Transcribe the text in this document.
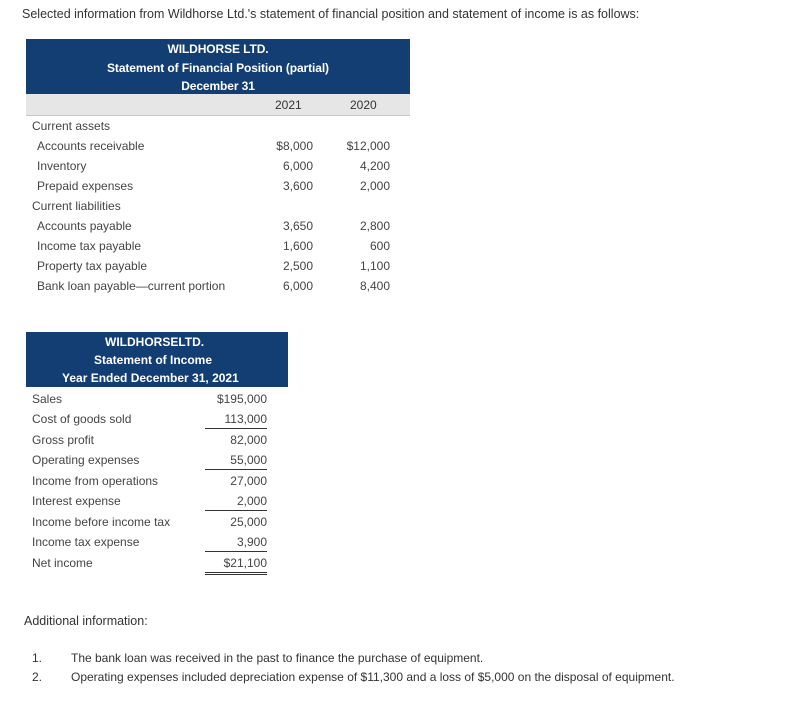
Selected information from Wildhorse Ltd.'s statement of financial position and statement of income is as follows:
WILDHORSE LTD.
Statement of Financial Position (partial)
December 31
2021	2020
Current assets
Accounts receivable	$8,000	$12,000
Inventory	6,000	4,200
Prepaid expenses	3,600	2,000
Current liabilities
Accounts payable	3,650	2,800
Income tax payable	1,600	600
Property tax payable	2,500	1,100
Bank loan payable—current portion	6,000	8,400
WILDHORSELTD.
Statement of Income
Year Ended December 31, 2021
Sales	$195,000
Cost of goods sold	113,000
Gross profit	82,000
Operating expenses	55,000
Income from operations	27,000
Interest expense	2,000
Income before income tax	25,000
Income tax expense	3,900
Net income	$21,100
Additional information:
1. The bank loan was received in the past to finance the purchase of equipment.
2. Operating expenses included depreciation expense of $11,300 and a loss of $5,000 on the disposal of equipment.
